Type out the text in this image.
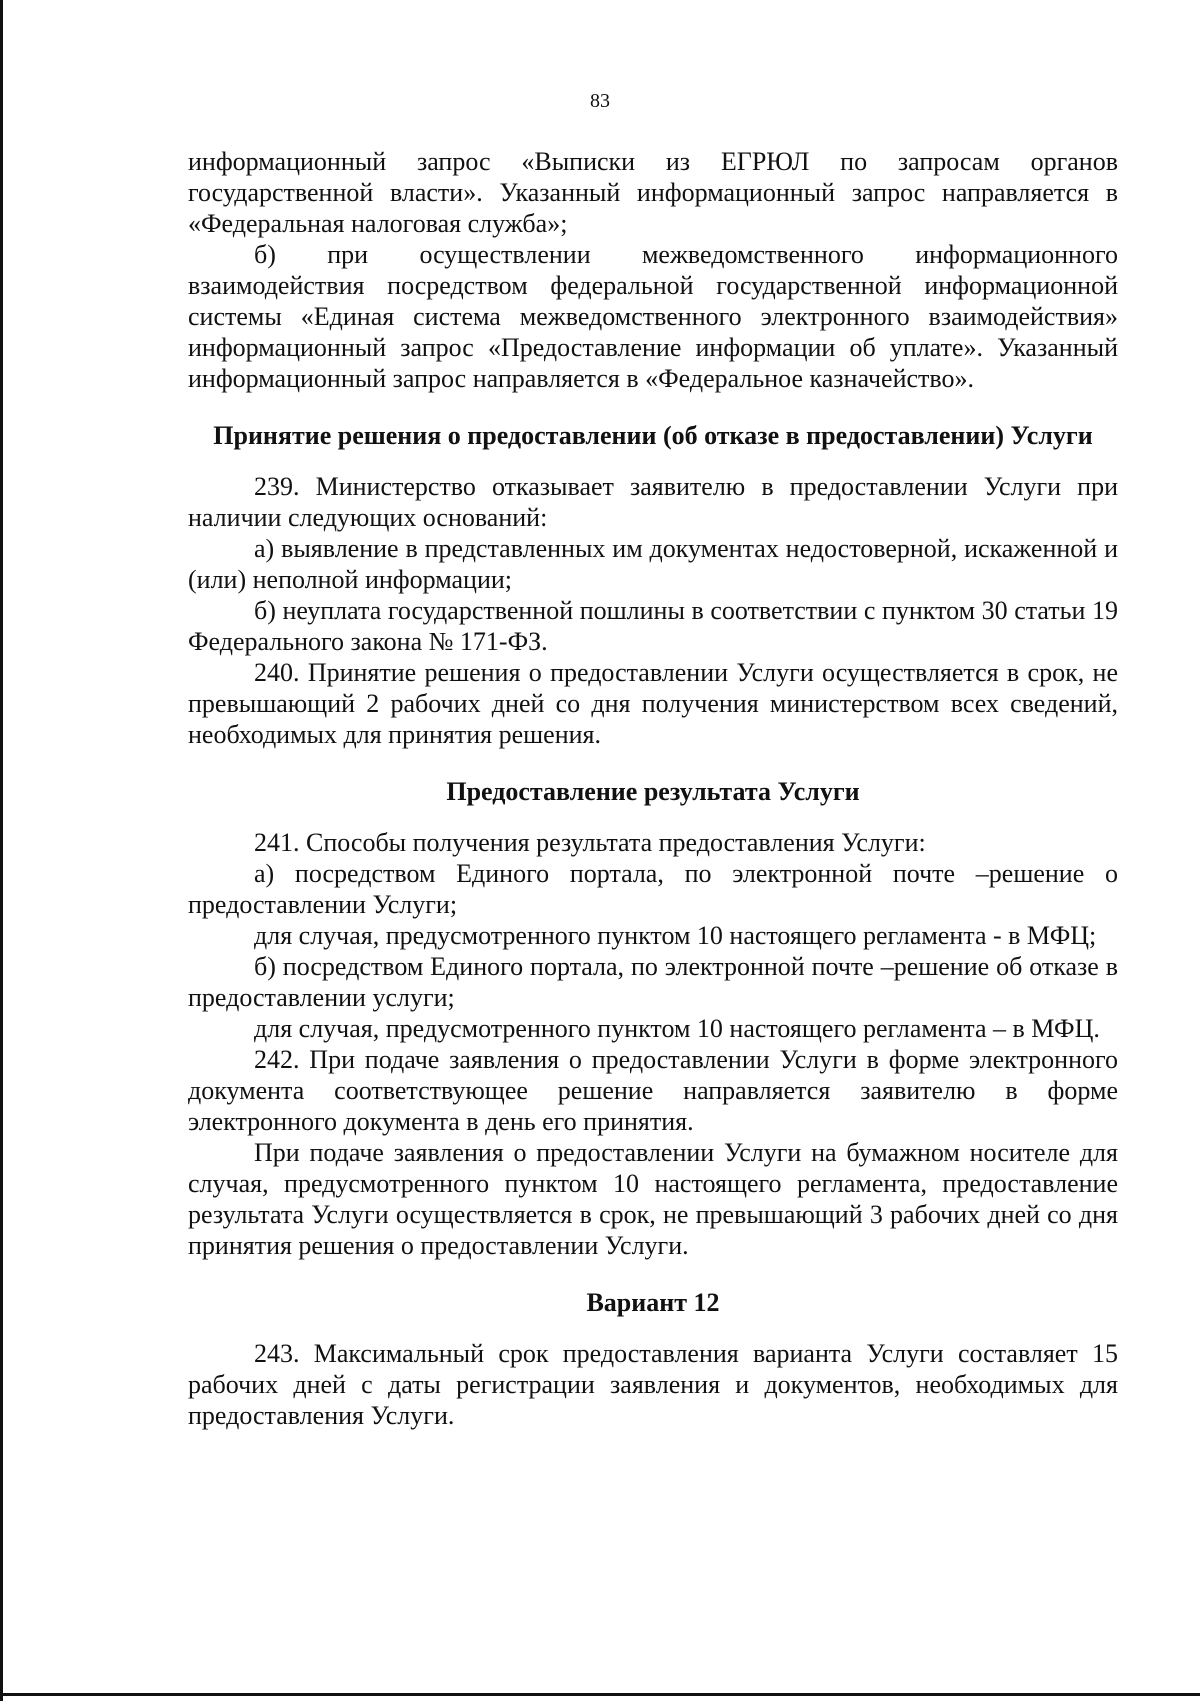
83

информационный запрос «Выписки из ЕГРЮЛ по запросам органов государственной власти». Указанный информационный запрос направляется в «Федеральная налоговая служба»;

б) при осуществлении межведомственного информационного взаимодействия посредством федеральной государственной информационной системы «Единая система межведомственного электронного взаимодействия» информационный запрос «Предоставление информации об уплате». Указанный информационный запрос направляется в «Федеральное казначейство».

Принятие решения о предоставлении (об отказе в предоставлении) Услуги

239. Министерство отказывает заявителю в предоставлении Услуги при наличии следующих оснований:

а) выявление в представленных им документах недостоверной, искаженной и (или) неполной информации;

б) неуплата государственной пошлины в соответствии с пунктом 30 статьи 19 Федерального закона № 171-ФЗ.

240. Принятие решения о предоставлении Услуги осуществляется в срок, не превышающий 2 рабочих дней со дня получения министерством всех сведений, необходимых для принятия решения.

Предоставление результата Услуги

241. Способы получения результата предоставления Услуги:

а) посредством Единого портала, по электронной почте –решение о предоставлении Услуги;

для случая, предусмотренного пунктом 10 настоящего регламента - в МФЦ;

б) посредством Единого портала, по электронной почте –решение об отказе в предоставлении услуги;

для случая, предусмотренного пунктом 10 настоящего регламента – в МФЦ.

242. При подаче заявления о предоставлении Услуги в форме электронного документа соответствующее решение направляется заявителю в форме электронного документа в день его принятия.

При подаче заявления о предоставлении Услуги на бумажном носителе для случая, предусмотренного пунктом 10 настоящего регламента, предоставление результата Услуги осуществляется в срок, не превышающий 3 рабочих дней со дня принятия решения о предоставлении Услуги.

Вариант 12

243. Максимальный срок предоставления варианта Услуги составляет 15 рабочих дней с даты регистрации заявления и документов, необходимых для предоставления Услуги.
